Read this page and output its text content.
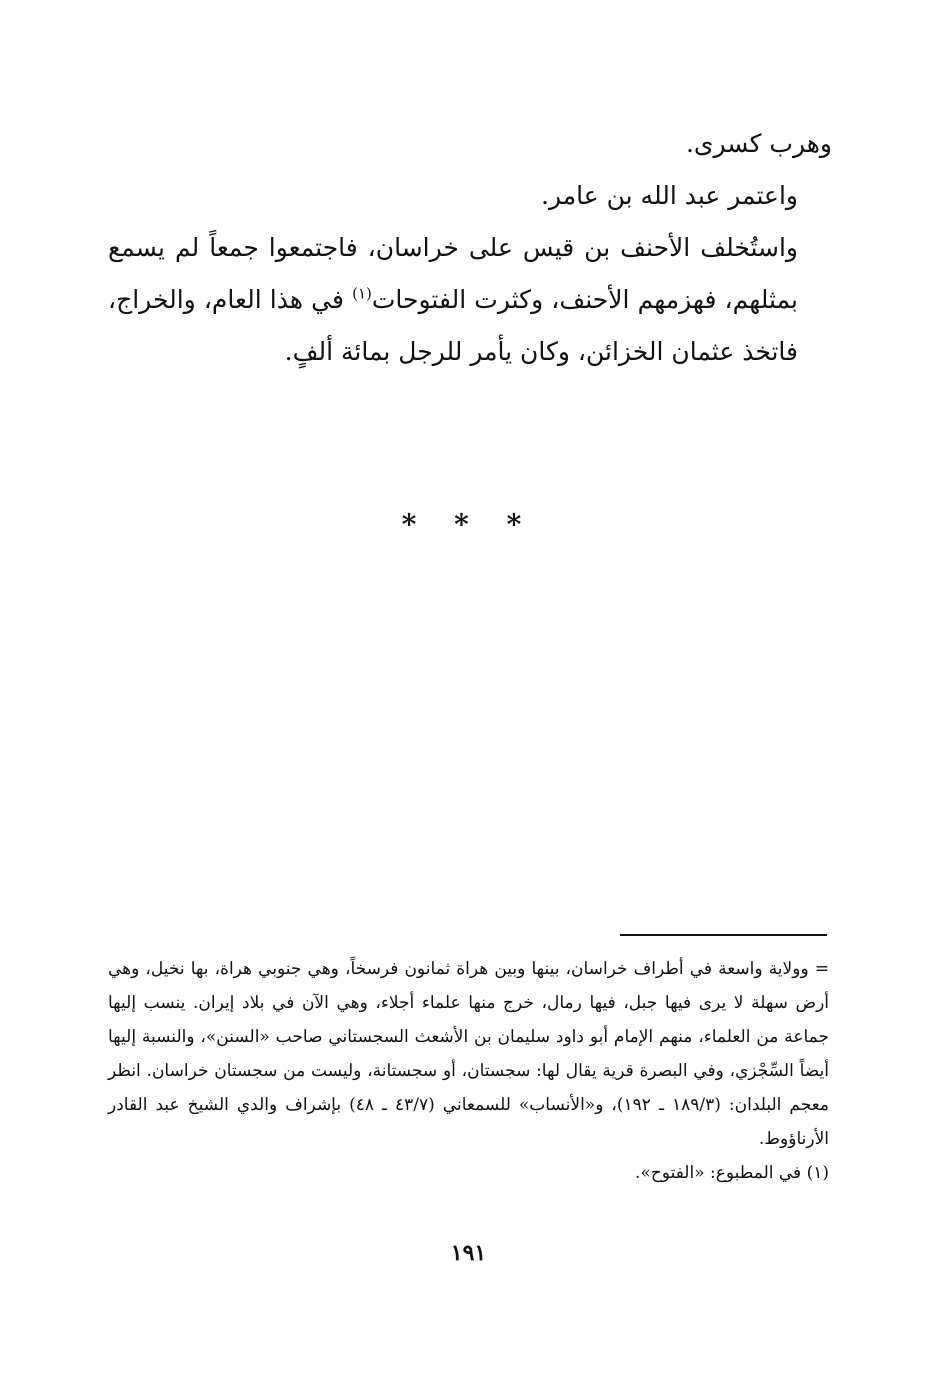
وهرب كسرى.

واعتمر عبد الله بن عامر.

واستُخلف الأحنف بن قيس على خراسان، فاجتمعوا جمعاً لم يسمع بمثلهم، فهزمهم الأحنف، وكثرت الفتوحات$^{(١)}$ في هذا العام، والخراج، فاتخذ عثمان الخزائن، وكان يأمر للرجل بمائة ألفٍ.

* * *

= وولاية واسعة في أطراف خراسان، بينها وبين هراة ثمانون فرسخاً، وهي جنوبي هراة، بها نخيل، وهي أرض سهلة لا يرى فيها جبل، فيها رمال، خرج منها علماء أجلاء، وهي الآن في بلاد إيران. ينسب إليها جماعة من العلماء، منهم الإمام أبو داود سليمان بن الأشعث السجستاني صاحب «السنن»، والنسبة إليها أيضاً السِّجْزي، وفي البصرة قرية يقال لها: سجستان، أو سجستانة، وليست من سجستان خراسان. انظر معجم البلدان: (١٨٩/٣ ـ ١٩٢)، و«الأنساب» للسمعاني (٤٣/٧ ـ ٤٨) بإشراف والدي الشيخ عبد القادر الأرناؤوط.

(١) في المطبوع: «الفتوح».

١٩١
